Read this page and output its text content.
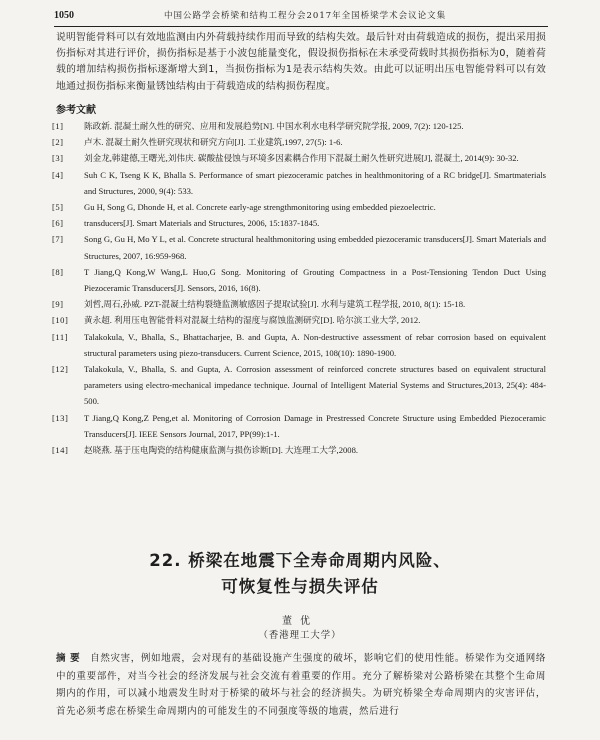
1050	中国公路学会桥梁和结构工程分会2017年全国桥梁学术会议论文集

说明智能骨料可以有效地监测由内外荷载持续作用而导致的结构失效。最后针对由荷载造成的损伤，提出采用损伤指标对其进行评价，损伤指标是基于小波包能量变化，假设损伤指标在未承受荷载时其损伤指标为0，随着荷载的增加结构损伤指标逐渐增大到1，当损伤指标为1是表示结构失效。由此可以证明出压电智能骨料可以有效地通过损伤指标来衡量锈蚀结构由于荷载造成的结构损伤程度。

参考文献
[1]	陈政新. 混凝土耐久性的研究、应用和发展趋势[N]. 中国水利水电科学研究院学报, 2009, 7(2): 120-125.
[2]	卢木. 混凝土耐久性研究现状和研究方向[J]. 工业建筑,1997, 27(5): 1-6.
[3]	刘金龙,韩建德,王曙光,刘伟庆. 碳酸盐侵蚀与环境多因素耦合作用下混凝土耐久性研究进展[J], 混凝土, 2014(9): 30-32.
[4]	Suh C K, Tseng K K, Bhalla S. Performance of smart piezoceramic patches in healthmonitoring of a RC bridge[J]. Smartmaterials and Structures, 2000, 9(4): 533.
[5]	Gu H, Song G, Dhonde H, et al. Concrete early-age strengthmonitoring using embedded piezoelectric.
[6]	transducers[J]. Smart Materials and Structures, 2006, 15:1837-1845.
[7]	Song G, Gu H, Mo Y L, et al. Concrete structural healthmonitoring using embedded piezoceramic transducers[J]. Smart Materials and Structures, 2007, 16:959-968.
[8]	T Jiang,Q Kong,W Wang,L Huo,G Song. Monitoring of Grouting Compactness in a Post-Tensioning Tendon Duct Using Piezoceramic Transducers[J]. Sensors, 2016, 16(8).
[9]	刘哲,周石,孙威. PZT-混凝土结构裂缝监测敏感因子提取试验[J]. 水利与建筑工程学报, 2010, 8(1): 15-18.
[10]	黄永超. 利用压电智能骨料对混凝土结构的湿度与腐蚀监测研究[D]. 哈尔滨工业大学, 2012.
[11]	Talakokula, V., Bhalla, S., Bhattacharjee, B. and Gupta, A. Non-destructive assessment of rebar corrosion based on equivalent structural parameters using piezo-transducers. Current Science, 2015, 108(10): 1890-1900.
[12]	Talakokula, V., Bhalla, S. and Gupta, A. Corrosion assessment of reinforced concrete structures based on equivalent structural parameters using electro-mechanical impedance technique. Journal of Intelligent Material Systems and Structures,2013, 25(4): 484-500.
[13]	T Jiang,Q Kong,Z Peng,et al. Monitoring of Corrosion Damage in Prestressed Concrete Structure using Embedded Piezoceramic Transducers[J]. IEEE Sensors Journal, 2017, PP(99):1-1.
[14]	赵晓燕. 基于压电陶瓷的结构健康监测与损伤诊断[D]. 大连理工大学,2008.
22. 桥梁在地震下全寿命周期内风险、
可恢复性与损失评估
董优
（香港理工大学）
摘 要 自然灾害，例如地震，会对现有的基础设施产生强度的破坏，影响它们的使用性能。桥梁作为交通网络中的重要部件，对当今社会的经济发展与社会交流有着重要的作用。充分了解桥梁对公路桥梁在其整个生命周期内的作用，可以减小地震发生时对于桥梁的破坏与社会的经济损失。为研究桥梁全寿命周期内的灾害评估，首先必须考虑在桥梁生命周期内的可能发生的不同强度等级的地震，然后进行
